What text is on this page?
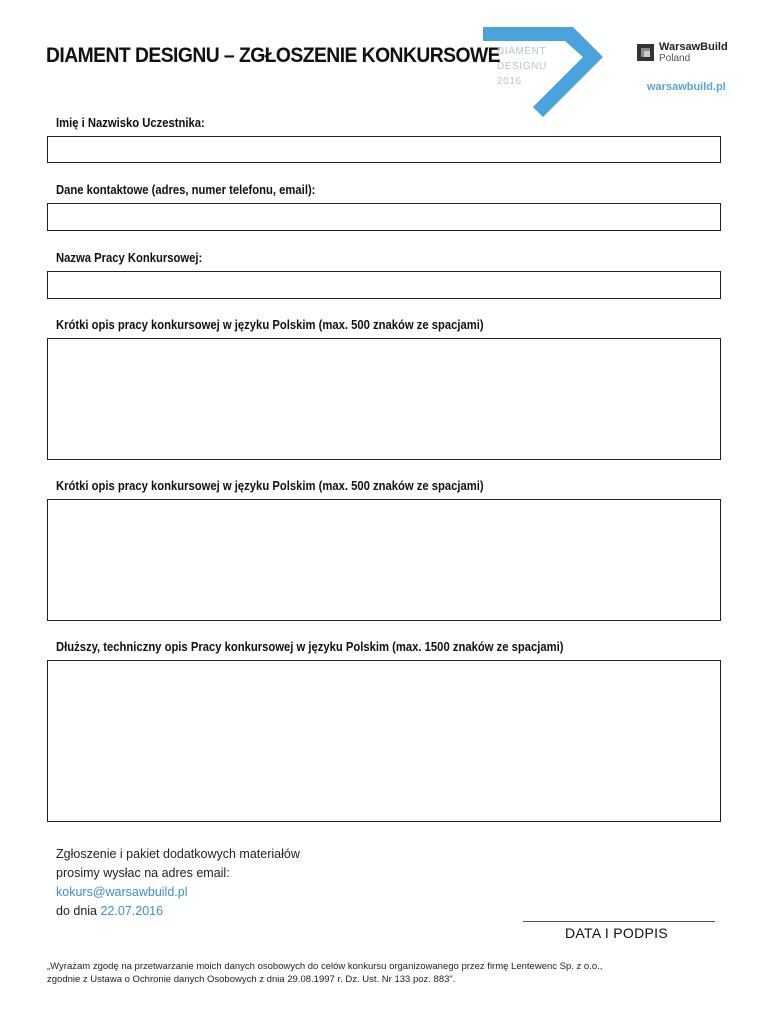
DIAMENT DESIGNU – ZGŁOSZENIE KONKURSOWE
DIAMENT
DESIGNU
2016
WarsawBuild
Poland
warsawbuild.pl
Imię i Nazwisko Uczestnika:
Dane kontaktowe (adres, numer telefonu, email):
Nazwa Pracy Konkursowej:
Krótki opis pracy konkursowej w języku Polskim (max. 500 znaków ze spacjami)
Krótki opis pracy konkursowej w języku Polskim (max. 500 znaków ze spacjami)
Dłuższy, techniczny opis Pracy konkursowej w języku Polskim (max. 1500 znaków ze spacjami)
Zgłoszenie i pakiet dodatkowych materiałów
prosimy wysłac na adres email:
kokurs@warsawbuild.pl
do dnia 22.07.2016
DATA I PODPIS
„Wyrażam zgodę na przetwarzanie moich danych osobowych do celów konkursu organizowanego przez firmę Lentewenc Sp. z o.o.,
zgodnie z Ustawa o Ochronie danych Osobowych z dnia 29.08.1997 r. Dz. Ust. Nr 133 poz. 883".
